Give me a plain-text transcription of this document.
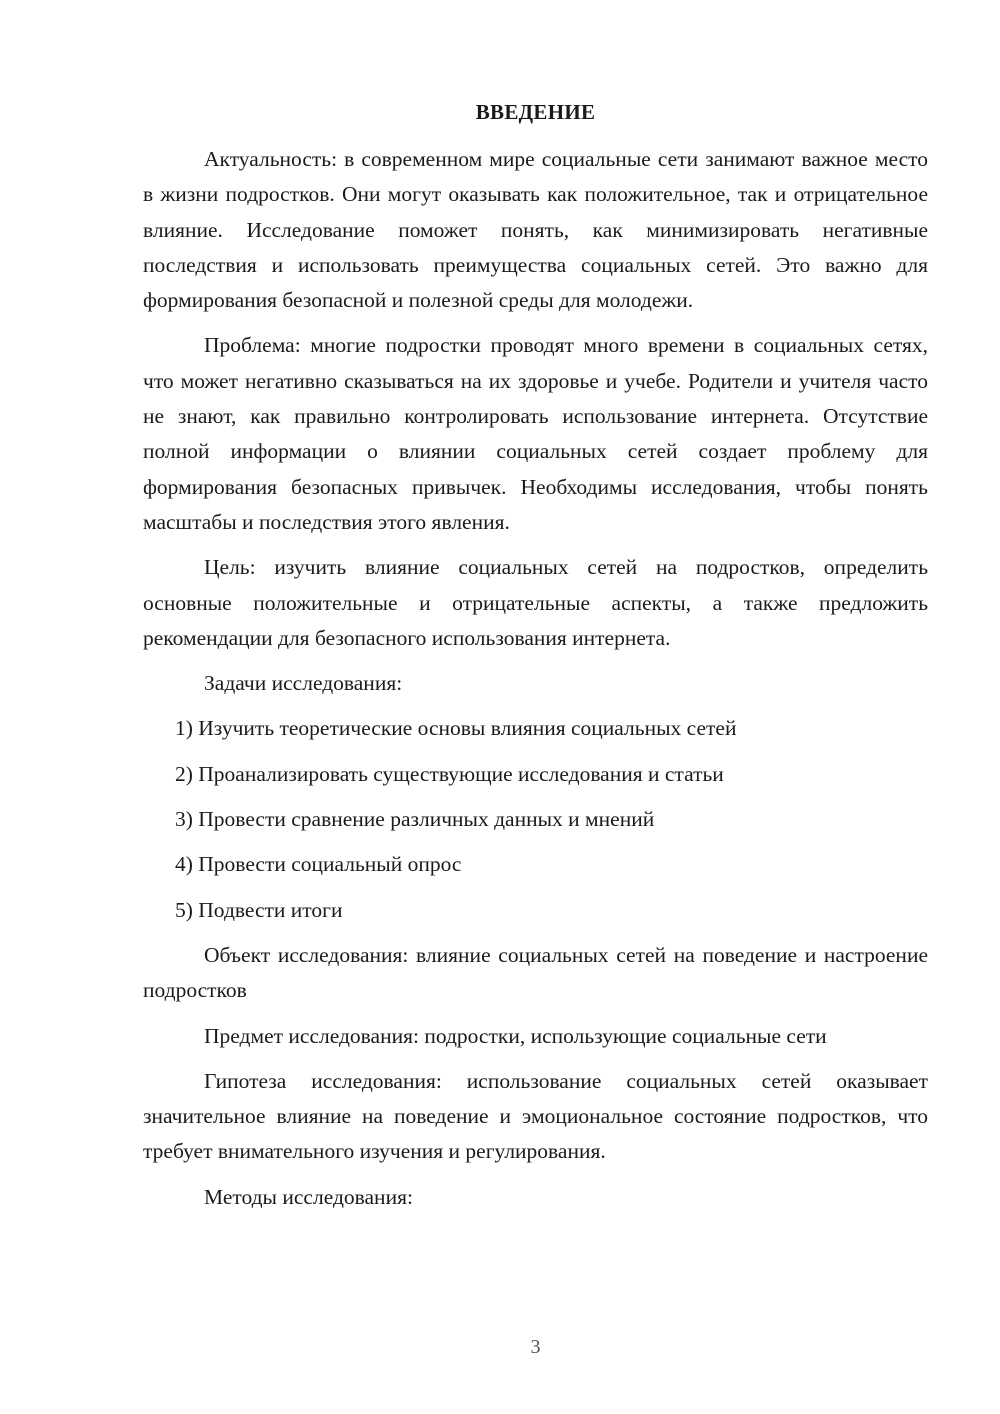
ВВЕДЕНИЕ

Актуальность: в современном мире социальные сети занимают важное место в жизни подростков. Они могут оказывать как положительное, так и отрицательное влияние. Исследование поможет понять, как минимизировать негативные последствия и использовать преимущества социальных сетей. Это важно для формирования безопасной и полезной среды для молодежи.

Проблема: многие подростки проводят много времени в социальных сетях, что может негативно сказываться на их здоровье и учебе. Родители и учителя часто не знают, как правильно контролировать использование интернета. Отсутствие полной информации о влиянии социальных сетей создает проблему для формирования безопасных привычек. Необходимы исследования, чтобы понять масштабы и последствия этого явления.

Цель: изучить влияние социальных сетей на подростков, определить основные положительные и отрицательные аспекты, а также предложить рекомендации для безопасного использования интернета.

Задачи исследования:

1) Изучить теоретические основы влияния социальных сетей

2) Проанализировать существующие исследования и статьи

3) Провести сравнение различных данных и мнений

4) Провести социальный опрос

5) Подвести итоги

Объект исследования: влияние социальных сетей на поведение и настроение подростков

Предмет исследования: подростки, использующие социальные сети

Гипотеза исследования: использование социальных сетей оказывает значительное влияние на поведение и эмоциональное состояние подростков, что требует внимательного изучения и регулирования.

Методы исследования:

3
